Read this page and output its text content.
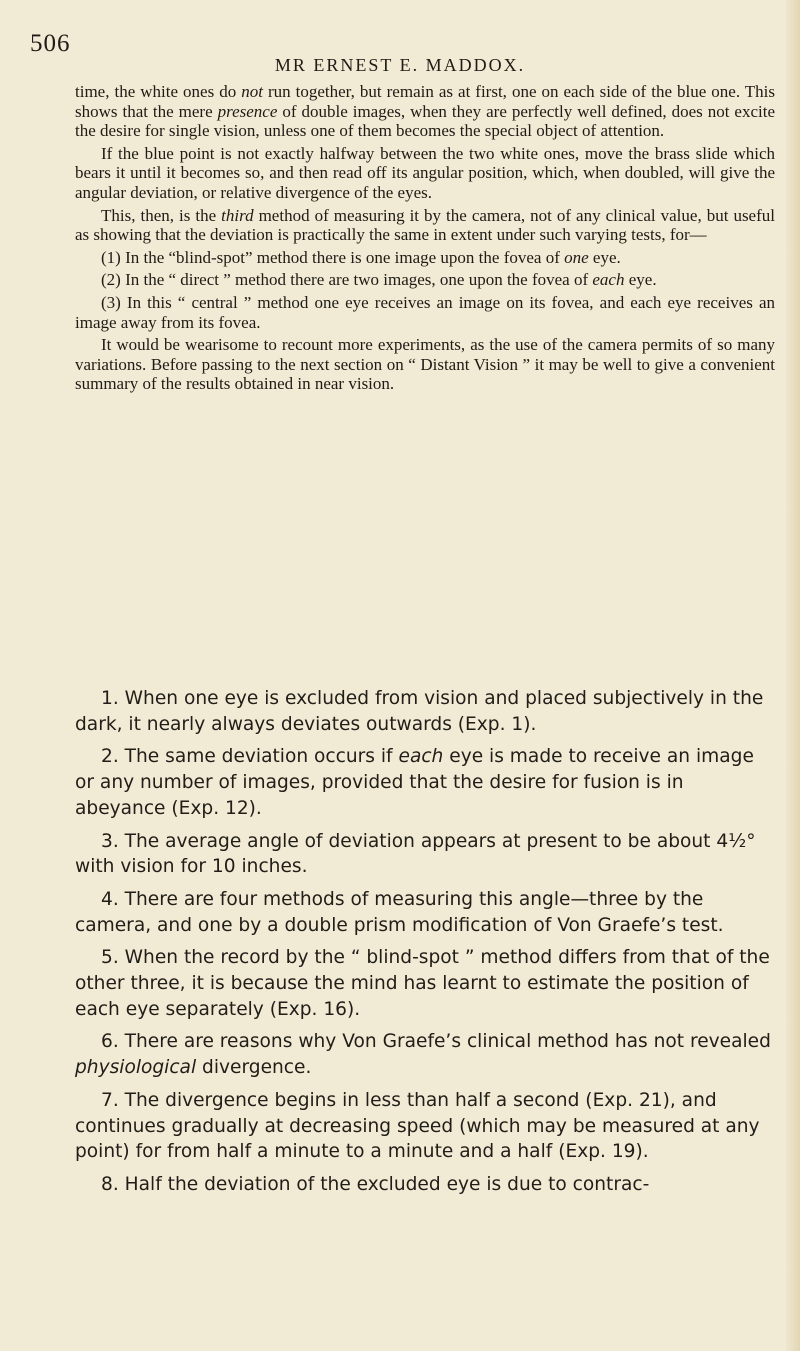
506
MR ERNEST E. MADDOX.

time, the white ones do not run together, but remain as at first, one on each side of the blue one. This shows that the mere presence of double images, when they are perfectly well defined, does not excite the desire for single vision, unless one of them becomes the special object of attention.

If the blue point is not exactly halfway between the two white ones, move the brass slide which bears it until it becomes so, and then read off its angular position, which, when doubled, will give the angular deviation, or relative divergence of the eyes.

This, then, is the third method of measuring it by the camera, not of any clinical value, but useful as showing that the deviation is practically the same in extent under such varying tests, for—

(1) In the “blind-spot” method there is one image upon the fovea of one eye.

(2) In the “ direct ” method there are two images, one upon the fovea of each eye.

(3) In this “ central ” method one eye receives an image on its fovea, and each eye receives an image away from its fovea.

It would be wearisome to recount more experiments, as the use of the camera permits of so many variations. Before passing to the next section on “ Distant Vision ” it may be well to give a convenient summary of the results obtained in near vision.

1. When one eye is excluded from vision and placed subjectively in the dark, it nearly always deviates outwards (Exp. 1).

2. The same deviation occurs if each eye is made to receive an image or any number of images, provided that the desire for fusion is in abeyance (Exp. 12).

3. The average angle of deviation appears at present to be about 4½° with vision for 10 inches.

4. There are four methods of measuring this angle—three by the camera, and one by a double prism modification of Von Graefe’s test.

5. When the record by the “ blind-spot ” method differs from that of the other three, it is because the mind has learnt to estimate the position of each eye separately (Exp. 16).

6. There are reasons why Von Graefe’s clinical method has not revealed physiological divergence.

7. The divergence begins in less than half a second (Exp. 21), and continues gradually at decreasing speed (which may be measured at any point) for from half a minute to a minute and a half (Exp. 19).

8. Half the deviation of the excluded eye is due to contrac-
